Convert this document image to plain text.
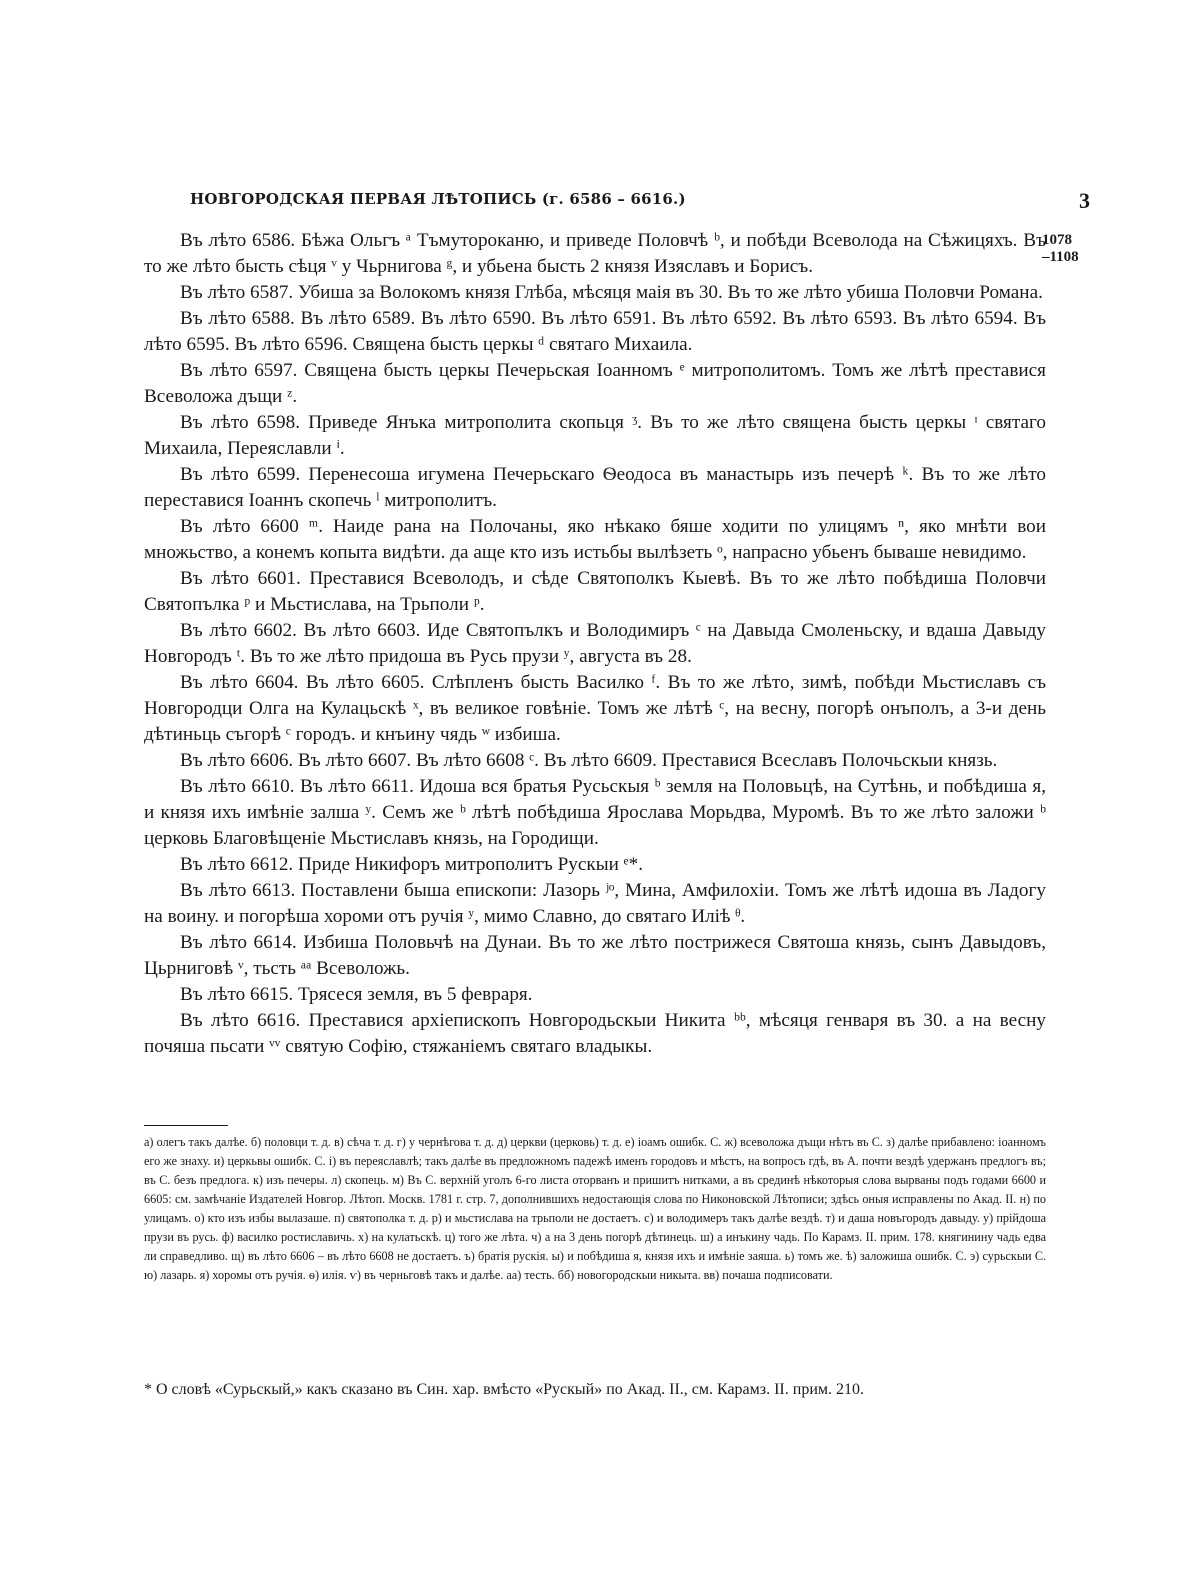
НОВГОРОДСКАЯ ПЕРВАЯ ЛѢТОПИСЬ (г. 6586 – 6616.)	3
1078
–1108

Въ лѣто 6586. Бѣжа Ольгъ ᵃ Тъмутороканю, и приведе Половчѣ ᵇ, и побѣди Всеволода на Сѣжицяхъ. Въ то же лѣто бысть сѣця ᵛ у Чьрнигова ᵍ, и убьена бысть 2 князя Изяславъ и Борисъ.

Въ лѣто 6587. Убиша за Волокомъ князя Глѣба, мѣсяця маія въ 30. Въ то же лѣто убиша Половчи Романа.

Въ лѣто 6588. Въ лѣто 6589. Въ лѣто 6590. Въ лѣто 6591. Въ лѣто 6592. Въ лѣто 6593. Въ лѣто 6594. Въ лѣто 6595. Въ лѣто 6596. Священа бысть церкы ᵈ святаго Михаила.

Въ лѣто 6597. Священа бысть церкы Печерьская Іоанномъ ᵉ митрополитомъ. Томъ же лѣтѣ преставися Всеволожа дъщи ᶻ.

Въ лѣто 6598. Приведе Янъка митрополита скопьця ᶾ. Въ то же лѣто священа бысть церкы ᶦ святаго Михаила, Переяславли ⁱ.

Въ лѣто 6599. Перенесоша игумена Печерьскаго Ѳеодоса въ манастырь изъ печерѣ ᵏ. Въ то же лѣто переставися Іоаннъ скопечь ˡ митрополитъ.

Въ лѣто 6600 ᵐ. Наиде рана на Полочаны, яко нѣкако бяше ходити по улицямъ ⁿ, яко мнѣти вои множьство, а конемъ копыта видѣти. да аще кто изъ истьбы вылѣзеть ᵒ, напрасно убьенъ бываше невидимо.

Въ лѣто 6601. Преставися Всеволодъ, и сѣде Святополкъ Кыевѣ. Въ то же лѣто побѣдиша Половчи Святопълка ᵖ и Мьстислава, на Трьполи ᵖ.

Въ лѣто 6602. Въ лѣто 6603. Иде Святопълкъ и Володимиръ ᶜ на Давыда Смоленьску, и вдаша Давыду Новгородъ ᵗ. Въ то же лѣто придоша въ Русь прузи ʸ, августа въ 28.

Въ лѣто 6604. Въ лѣто 6605. Слѣпленъ бысть Василко ᶠ. Въ то же лѣто, зимѣ, побѣди Мьстиславъ съ Новгородци Олга на Кулацьскѣ ˣ, въ великое говѣніе. Томъ же лѣтѣ ᶜ, на весну, погорѣ онъполъ, а 3-и день дѣтиньць съгорѣ ᶜ городъ. и кнъину чядь ʷ избиша.

Въ лѣто 6606. Въ лѣто 6607. Въ лѣто 6608 ᶜ. Въ лѣто 6609. Преставися Всеславъ Полочьскыи князь.

Въ лѣто 6610. Въ лѣто 6611. Идоша вся братья Русьскыя ᵇ земля на Половьцѣ, на Сутѣнь, и побѣдиша я, и князя ихъ имѣніе залша ʸ. Семъ же ᵇ лѣтѣ побѣдиша Ярослава Морьдва, Муромѣ. Въ то же лѣто заложи ᵇ церковь Благовѣщеніе Мьстиславъ князь, на Городищи.

Въ лѣто 6612. Приде Никифоръ митрополитъ Рускыи ᵉ*.

Въ лѣто 6613. Поставлени быша епископи: Лазорь ʲᵒ, Мина, Амфилохіи. Томъ же лѣтѣ идоша въ Ладогу на воину. и погорѣша хороми отъ ручія ʸ, мимо Славно, до святаго Илiѣ ᶿ.

Въ лѣто 6614. Избиша Половьчѣ на Дунаи. Въ то же лѣто пострижеся Святоша князь, сынъ Давыдовъ, Цьрниговѣ ᵛ, тьсть ᵃᵃ Всеволожь.

Въ лѣто 6615. Трясеся земля, въ 5 февраря.

Въ лѣто 6616. Преставися архіепископъ Новгородьскыи Никита ᵇᵇ, мѣсяця генваря въ 30. а на весну почяша пьсати ᵛᵛ святую Софію, стяжаніемъ святаго владыкы.

а) олегъ такъ далѣе. б) половци т. д. в) сѣча т. д. г) у чернѣгова т. д. д) церкви (церковь) т. д. е) іоамъ ошибк. С. ж) всеволожа дъщи нѣтъ въ С. з) далѣе прибавлено: іоанномъ его же знаху. и) церкьвы ошибк. С. і) въ переяславлѣ; такъ далѣе въ предложномъ падежѣ именъ городовъ и мѣстъ, на вопросъ гдѣ, въ А. почти вездѣ удержанъ предлогъ въ; въ С. безъ предлога. к) изъ печеры. л) скопець. м) Въ С. верхній уголъ 6-го листа оторванъ и пришитъ нитками, а въ срединѣ нѣкоторыя слова вырваны подъ годами 6600 и 6605: см. замѣчаніе Издателей Новгор. Лѣтоп. Москв. 1781 г. стр. 7, дополнившихъ недостающія слова по Никоновской Лѣтописи; здѣсь оныя исправлены по Акад. II. н) по улицамъ. о) кто изъ избы вылазаше. п) святополка т. д. р) и мьстислава на трьполи не достаетъ. с) и володимеръ такъ далѣе вездѣ. т) и даша новъгородъ давыду. у) прійдоша прузи въ русь. ф) василко ростиславичь. х) на кулатьскѣ. ц) того же лѣта. ч) а на 3 день погорѣ дѣтинець. ш) а инъкину чадь. По Карамз. II. прим. 178. княгинину чадь едва ли справедливо. щ) въ лѣто 6606 – въ лѣто 6608 не достаетъ. ъ) братія рускія. ы) и побѣдиша я, князя ихъ и имѣніе заяша. ь) томъ же. ѣ) заложиша ошибк. С. э) сурьскыи С. ю) лазарь. я) хоромы отъ ручія. ѳ) илія. ѵ) въ черньговѣ такъ и далѣе. аа) тесть. бб) новогородскыи никыта. вв) почаша подписовати.

* О словѣ «Сурьскый,» какъ сказано въ Син. хар. вмѣсто «Рускый» по Акад. II., см. Карамз. II. прим. 210.
